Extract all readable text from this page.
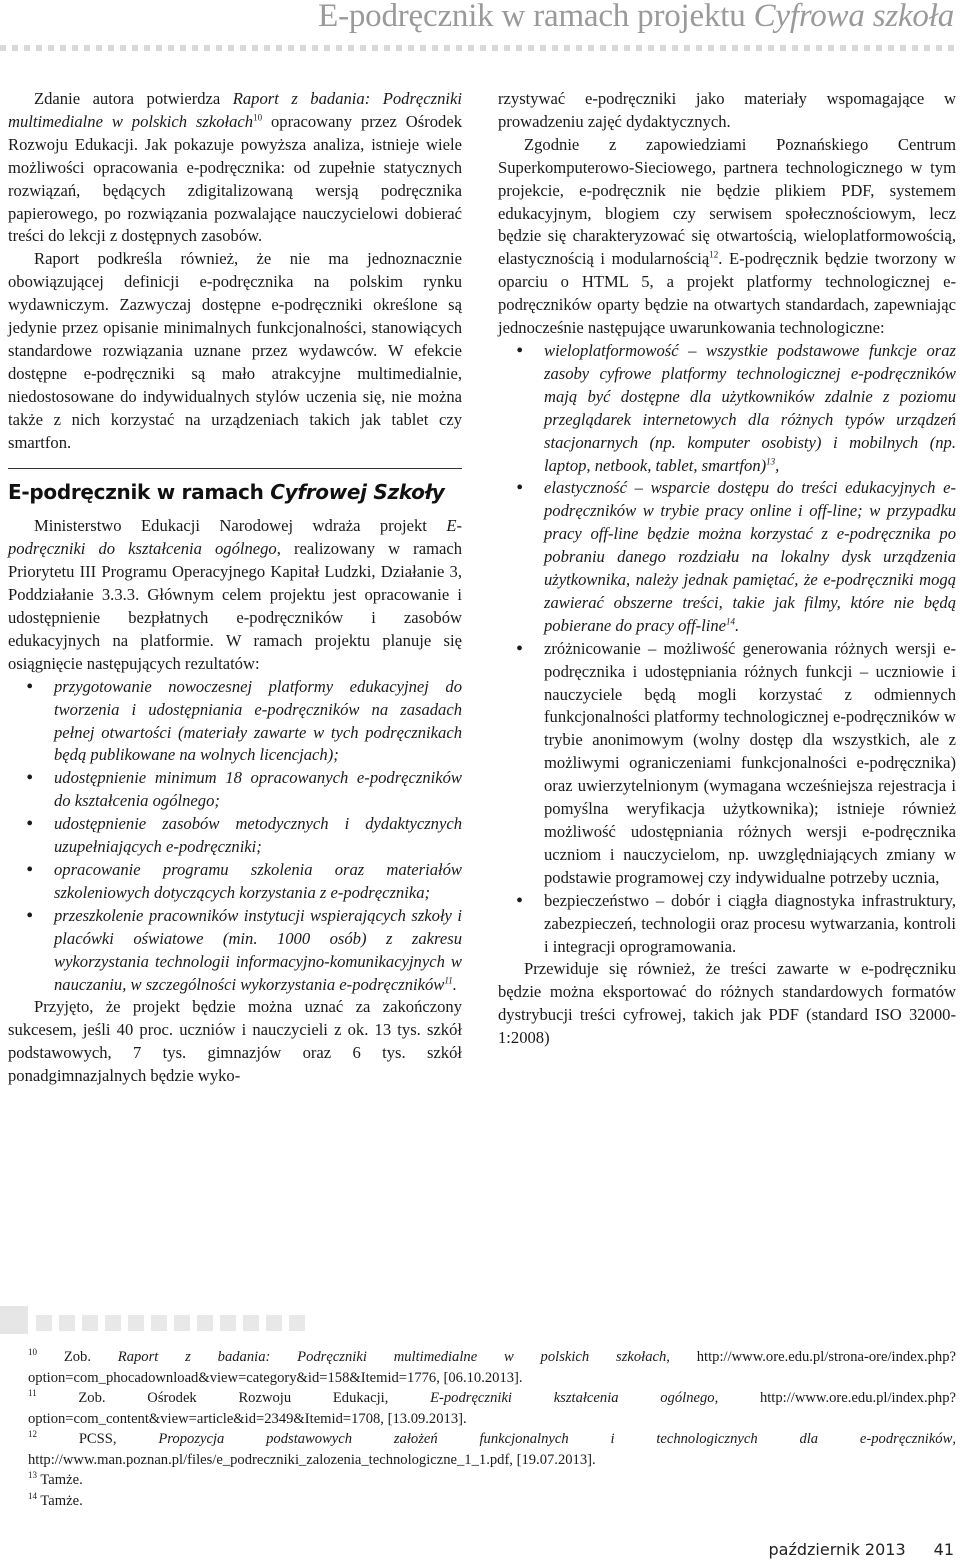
E-podręcznik w ramach projektu Cyfrowa szkoła

Zdanie autora potwierdza Raport z badania: Podręczniki multimedialne w polskich szkołach$^{10}$ opracowany przez Ośrodek Rozwoju Edukacji. Jak pokazuje powyższa analiza, istnieje wiele możliwości opracowania e-podręcznika: od zupełnie statycznych rozwiązań, będących zdigitalizowaną wersją podręcznika papierowego, po rozwiązania pozwalające nauczycielowi dobierać treści do lekcji z dostępnych zasobów.

Raport podkreśla również, że nie ma jednoznacznie obowiązującej definicji e-podręcznika na polskim rynku wydawniczym. Zazwyczaj dostępne e-podręczniki określone są jedynie przez opisanie minimalnych funkcjonalności, stanowiących standardowe rozwiązania uznane przez wydawców. W efekcie dostępne e-podręczniki są mało atrakcyjne multimedialnie, niedostosowane do indywidualnych stylów uczenia się, nie można także z nich korzystać na urządzeniach takich jak tablet czy smartfon.

E-podręcznik w ramach Cyfrowej Szkoły

Ministerstwo Edukacji Narodowej wdraża projekt E-podręczniki do kształcenia ogólnego, realizowany w ramach Priorytetu III Programu Operacyjnego Kapitał Ludzki, Działanie 3, Poddziałanie 3.3.3. Głównym celem projektu jest opracowanie i udostępnienie bezpłatnych e-podręczników i zasobów edukacyjnych na platformie. W ramach projektu planuje się osiągnięcie następujących rezultatów:

• przygotowanie nowoczesnej platformy edukacyjnej do tworzenia i udostępniania e-podręczników na zasadach pełnej otwartości (materiały zawarte w tych podręcznikach będą publikowane na wolnych licencjach);
• udostępnienie minimum 18 opracowanych e-podręczników do kształcenia ogólnego;
• udostępnienie zasobów metodycznych i dydaktycznych uzupełniających e-podręczniki;
• opracowanie programu szkolenia oraz materiałów szkoleniowych dotyczących korzystania z e-podręcznika;
• przeszkolenie pracowników instytucji wspierających szkoły i placówki oświatowe (min. 1000 osób) z zakresu wykorzystania technologii informacyjno-komunikacyjnych w nauczaniu, w szczególności wykorzystania e-podręczników$^{11}$.

Przyjęto, że projekt będzie można uznać za zakończony sukcesem, jeśli 40 proc. uczniów i nauczycieli z ok. 13 tys. szkół podstawowych, 7 tys. gimnazjów oraz 6 tys. szkół ponadgimnazjalnych będzie wyko-

rzystywać e-podręczniki jako materiały wspomagające w prowadzeniu zajęć dydaktycznych.

Zgodnie z zapowiedziami Poznańskiego Centrum Superkomputerowo-Sieciowego, partnera technologicznego w tym projekcie, e-podręcznik nie będzie plikiem PDF, systemem edukacyjnym, blogiem czy serwisem społecznościowym, lecz będzie się charakteryzować się otwartością, wieloplatformowością, elastycznością i modularnością$^{12}$. E-podręcznik będzie tworzony w oparciu o HTML 5, a projekt platformy technologicznej e-podręczników oparty będzie na otwartych standardach, zapewniając jednocześnie następujące uwarunkowania technologiczne:

• wieloplatformowość – wszystkie podstawowe funkcje oraz zasoby cyfrowe platformy technologicznej e-podręczników mają być dostępne dla użytkowników zdalnie z poziomu przeglądarek internetowych dla różnych typów urządzeń stacjonarnych (np. komputer osobisty) i mobilnych (np. laptop, netbook, tablet, smartfon)$^{13}$,
• elastyczność – wsparcie dostępu do treści edukacyjnych e-podręczników w trybie pracy online i off-line; w przypadku pracy off-line będzie można korzystać z e-podręcznika po pobraniu danego rozdziału na lokalny dysk urządzenia użytkownika, należy jednak pamiętać, że e-podręczniki mogą zawierać obszerne treści, takie jak filmy, które nie będą pobierane do pracy off-line$^{14}$.
• zróżnicowanie – możliwość generowania różnych wersji e-podręcznika i udostępniania różnych funkcji – uczniowie i nauczyciele będą mogli korzystać z odmiennych funkcjonalności platformy technologicznej e-podręczników w trybie anonimowym (wolny dostęp dla wszystkich, ale z możliwymi ograniczeniami funkcjonalności e-podręcznika) oraz uwierzytelnionym (wymagana wcześniejsza rejestracja i pomyślna weryfikacja użytkownika); istnieje również możliwość udostępniania różnych wersji e-podręcznika uczniom i nauczycielom, np. uwzględniających zmiany w podstawie programowej czy indywidualne potrzeby ucznia,
• bezpieczeństwo – dobór i ciągła diagnostyka infrastruktury, zabezpieczeń, technologii oraz procesu wytwarzania, kontroli i integracji oprogramowania.

Przewiduje się również, że treści zawarte w e-podręczniku będzie można eksportować do różnych standardowych formatów dystrybucji treści cyfrowej, takich jak PDF (standard ISO 32000-1:2008)

$^{10}$ Zob. Raport z badania: Podręczniki multimedialne w polskich szkołach, http://www.ore.edu.pl/strona-ore/index.php?option=com_phocadownload&view=category&id=158&Itemid=1776, [06.10.2013].

$^{11}$ Zob. Ośrodek Rozwoju Edukacji, E-podręczniki kształcenia ogólnego, http://www.ore.edu.pl/index.php?option=com_content&view=article&id=2349&Itemid=1708, [13.09.2013].

$^{12}$ PCSS, Propozycja podstawowych założeń funkcjonalnych i technologicznych dla e-podręczników, http://www.man.poznan.pl/files/e_podreczniki_zalozenia_technologiczne_1_1.pdf, [19.07.2013].

$^{13}$ Tamże.

$^{14}$ Tamże.

październik 2013 41
